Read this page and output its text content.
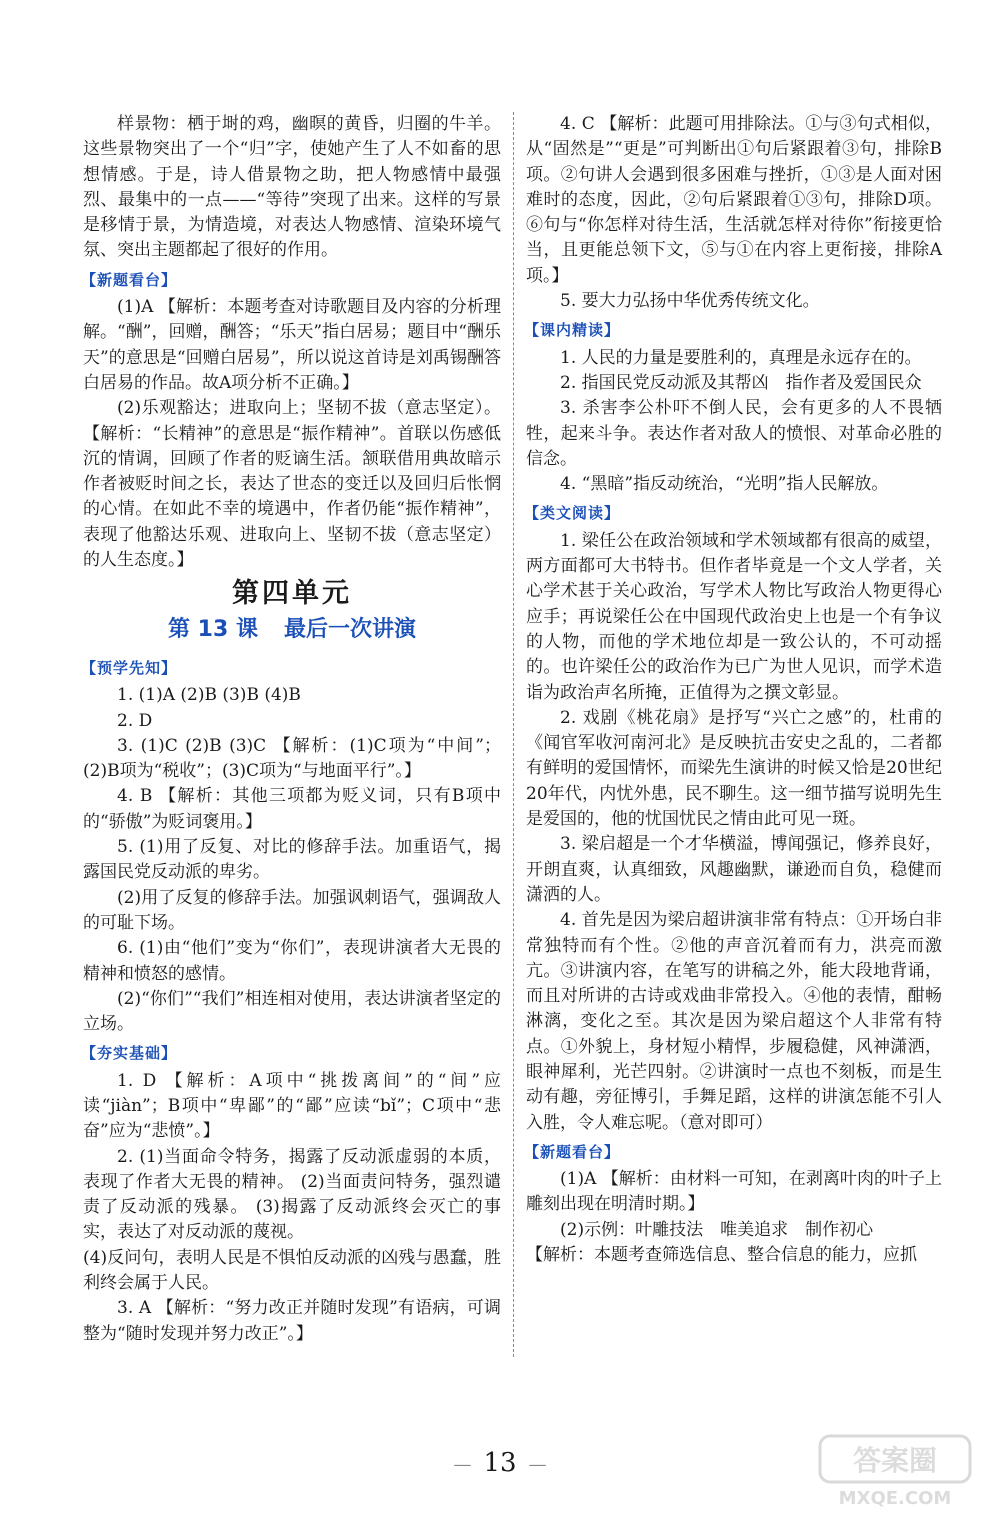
样景物：栖于埘的鸡，幽暝的黄昏，归圈的牛羊。这些景物突出了一个“归”字，使她产生了人不如畜的思想情感。于是，诗人借景物之助，把人物感情中最强烈、最集中的一点——“等待”突现了出来。这样的写景是移情于景，为情造境，对表达人物感情、渲染环境气氛、突出主题都起了很好的作用。

【新题看台】

(1)A 【解析：本题考查对诗歌题目及内容的分析理解。“酬”，回赠，酬答；“乐天”指白居易；题目中“酬乐天”的意思是“回赠白居易”，所以说这首诗是刘禹锡酬答白居易的作品。故A项分析不正确。】

(2)乐观豁达；进取向上；坚韧不拔（意志坚定）。【解析：“长精神”的意思是“振作精神”。首联以伤感低沉的情调，回顾了作者的贬谪生活。颔联借用典故暗示作者被贬时间之长，表达了世态的变迁以及回归后怅惘的心情。在如此不幸的境遇中，作者仍能“振作精神”，表现了他豁达乐观、进取向上、坚韧不拔（意志坚定）的人生态度。】

第四单元
第 13 课 最后一次讲演
【预学先知】

1. (1)A (2)B (3)B (4)B

2. D

3. (1)C (2)B (3)C 【解析：(1)C项为“中间”；(2)B项为“税收”；(3)C项为“与地面平行”。】

4. B 【解析：其他三项都为贬义词，只有B项中的“骄傲”为贬词褒用。】

5. (1)用了反复、对比的修辞手法。加重语气，揭露国民党反动派的卑劣。

(2)用了反复的修辞手法。加强讽刺语气，强调敌人的可耻下场。

6. (1)由“他们”变为“你们”，表现讲演者大无畏的精神和愤怒的感情。

(2)“你们”“我们”相连相对使用，表达讲演者坚定的立场。

【夯实基础】

1. D 【解析：A项中“挑拨离间”的“间”应读“jiàn”；B项中“卑鄙”的“鄙”应读“bǐ”；C项中“悲奋”应为“悲愤”。】

2. (1)当面命令特务，揭露了反动派虚弱的本质，表现了作者大无畏的精神。 (2)当面责问特务，强烈谴责了反动派的残暴。 (3)揭露了反动派终会灭亡的事实，表达了对反动派的蔑视。

(4)反问句，表明人民是不惧怕反动派的凶残与愚蠢，胜利终会属于人民。

3. A 【解析：“努力改正并随时发现”有语病，可调整为“随时发现并努力改正”。】

4. C 【解析：此题可用排除法。①与③句式相似，从“固然是”“更是”可判断出①句后紧跟着③句，排除B项。②句讲人会遇到很多困难与挫折，①③是人面对困难时的态度，因此，②句后紧跟着①③句，排除D项。⑥句与“你怎样对待生活，生活就怎样对待你”衔接更恰当，且更能总领下文，⑤与①在内容上更衔接，排除A项。】

5. 要大力弘扬中华优秀传统文化。

【课内精读】

1. 人民的力量是要胜利的，真理是永远存在的。

2. 指国民党反动派及其帮凶　指作者及爱国民众

3. 杀害李公朴吓不倒人民，会有更多的人不畏牺牲，起来斗争。表达作者对敌人的愤恨、对革命必胜的信念。

4. “黑暗”指反动统治，“光明”指人民解放。

【类文阅读】

1. 梁任公在政治领域和学术领域都有很高的威望，两方面都可大书特书。但作者毕竟是一个文人学者，关心学术甚于关心政治，写学术人物比写政治人物更得心应手；再说梁任公在中国现代政治史上也是一个有争议的人物，而他的学术地位却是一致公认的，不可动摇的。也许梁任公的政治作为已广为世人见识，而学术造诣为政治声名所掩，正值得为之撰文彰显。

2. 戏剧《桃花扇》是抒写“兴亡之感”的，杜甫的《闻官军收河南河北》是反映抗击安史之乱的，二者都有鲜明的爱国情怀，而梁先生演讲的时候又恰是20世纪20年代，内忧外患，民不聊生。这一细节描写说明先生是爱国的，他的忧国忧民之情由此可见一斑。

3. 梁启超是一个才华横溢，博闻强记，修养良好，开朗直爽，认真细致，风趣幽默，谦逊而自负，稳健而潇洒的人。

4. 首先是因为梁启超讲演非常有特点：①开场白非常独特而有个性。②他的声音沉着而有力，洪亮而激亢。③讲演内容，在笔写的讲稿之外，能大段地背诵，而且对所讲的古诗或戏曲非常投入。④他的表情，酣畅淋漓，变化之至。其次是因为梁启超这个人非常有特点。①外貌上，身材短小精悍，步履稳健，风神潇洒，眼神犀利，光芒四射。②讲演时一点也不刻板，而是生动有趣，旁征博引，手舞足蹈，这样的讲演怎能不引人入胜，令人难忘呢。（意对即可）

【新题看台】

(1)A 【解析：由材料一可知，在剥离叶肉的叶子上雕刻出现在明清时期。】

(2)示例：叶雕技法　唯美追求　制作初心

【解析：本题考查筛选信息、整合信息的能力，应抓

— 13 —	答案圈
MXQE.COM
